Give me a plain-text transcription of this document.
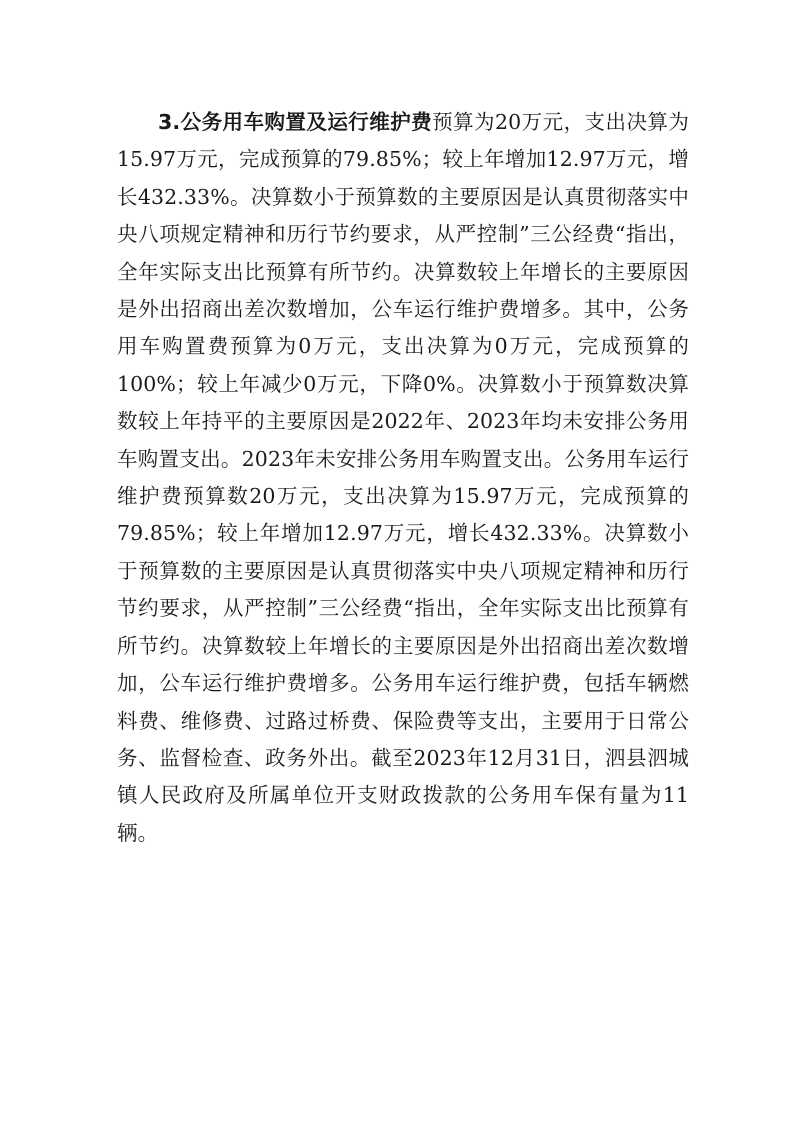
3.公务用车购置及运行维护费预算为20万元，支出决算为15.97万元，完成预算的79.85%；较上年增加12.97万元，增长432.33%。决算数小于预算数的主要原因是认真贯彻落实中央八项规定精神和历行节约要求，从严控制”三公经费“指出，全年实际支出比预算有所节约。决算数较上年增长的主要原因是外出招商出差次数增加，公车运行维护费增多。其中，公务用车购置费预算为0万元，支出决算为0万元，完成预算的100%；较上年减少0万元，下降0%。决算数小于预算数决算数较上年持平的主要原因是2022年、2023年均未安排公务用车购置支出。2023年未安排公务用车购置支出。公务用车运行维护费预算数20万元，支出决算为15.97万元，完成预算的79.85%；较上年增加12.97万元，增长432.33%。决算数小于预算数的主要原因是认真贯彻落实中央八项规定精神和历行节约要求，从严控制”三公经费“指出，全年实际支出比预算有所节约。决算数较上年增长的主要原因是外出招商出差次数增加，公车运行维护费增多。公务用车运行维护费，包括车辆燃料费、维修费、过路过桥费、保险费等支出，主要用于日常公务、监督检查、政务外出。截至2023年12月31日，泗县泗城镇人民政府及所属单位开支财政拨款的公务用车保有量为11辆。
